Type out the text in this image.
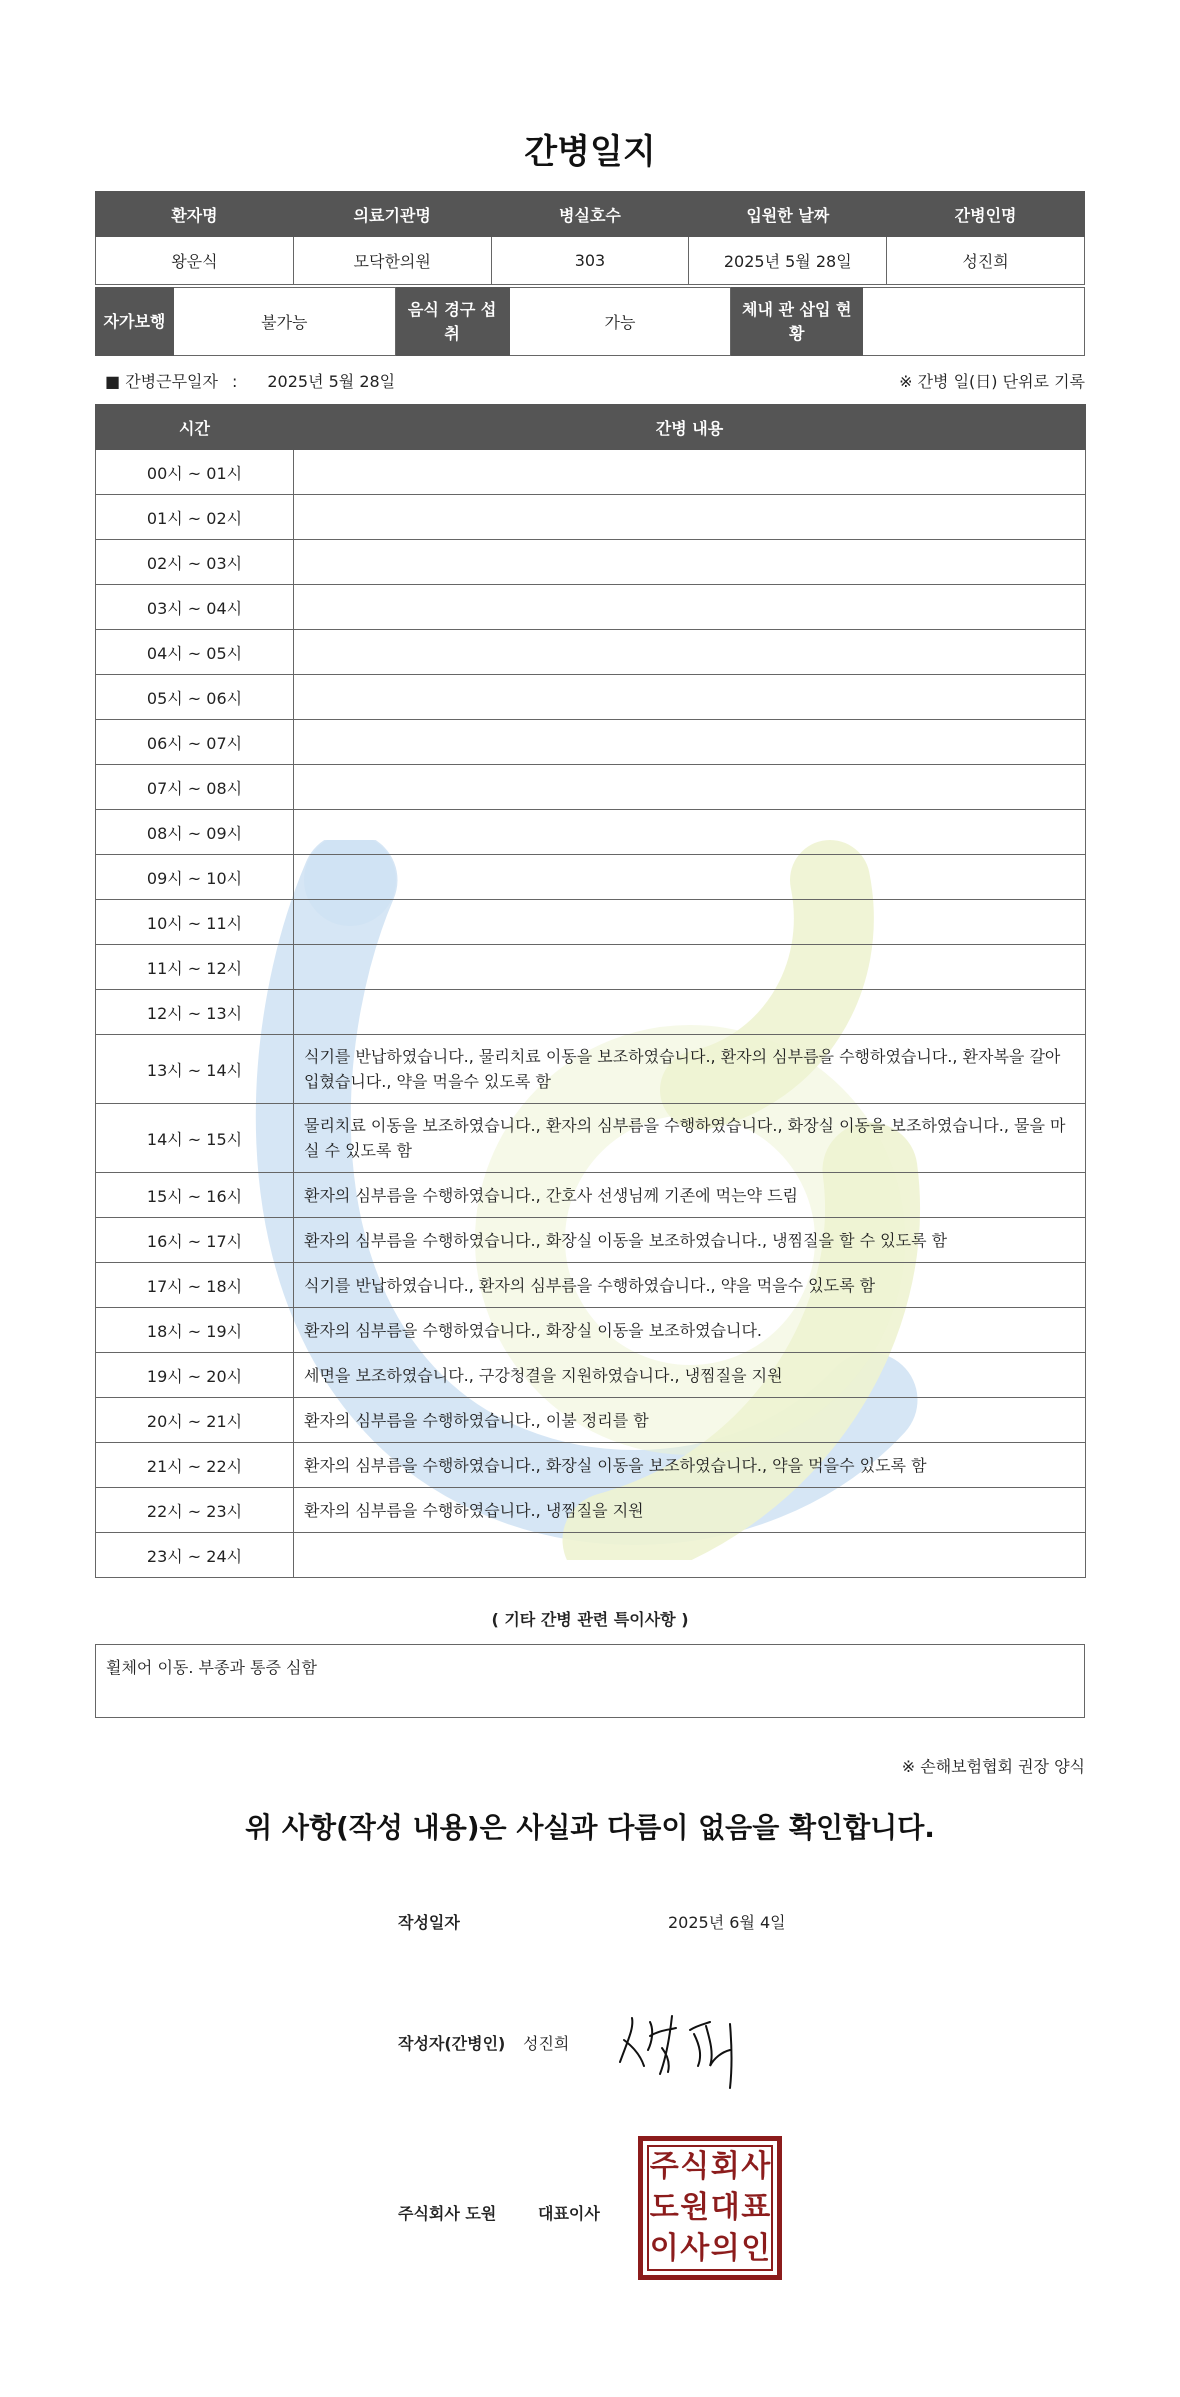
간병일지
환자명	의료기관명	병실호수	입원한 날짜	간병인명
왕운식	모닥한의원	303	2025년 5월 28일	성진희
자가보행	불가능	음식 경구 섭취	가능	체내 관 삽입 현황	
■ 간병근무일자 : 2025년 5월 28일	※ 간병 일(日) 단위로 기록
시간	간병 내용
00시 ~ 01시	
01시 ~ 02시	
02시 ~ 03시	
03시 ~ 04시	
04시 ~ 05시	
05시 ~ 06시	
06시 ~ 07시	
07시 ~ 08시	
08시 ~ 09시	
09시 ~ 10시	
10시 ~ 11시	
11시 ~ 12시	
12시 ~ 13시	
13시 ~ 14시	식기를 반납하였습니다., 물리치료 이동을 보조하였습니다., 환자의 심부름을 수행하였습니다., 환자복을 갈아입혔습니다., 약을 먹을수 있도록 함
14시 ~ 15시	물리치료 이동을 보조하였습니다., 환자의 심부름을 수행하였습니다., 화장실 이동을 보조하였습니다., 물을 마실 수 있도록 함
15시 ~ 16시	환자의 심부름을 수행하였습니다., 간호사 선생님께 기존에 먹는약 드림
16시 ~ 17시	환자의 심부름을 수행하였습니다., 화장실 이동을 보조하였습니다., 냉찜질을 할 수 있도록 함
17시 ~ 18시	식기를 반납하였습니다., 환자의 심부름을 수행하였습니다., 약을 먹을수 있도록 함
18시 ~ 19시	환자의 심부름을 수행하였습니다., 화장실 이동을 보조하였습니다.
19시 ~ 20시	세면을 보조하였습니다., 구강청결을 지원하였습니다., 냉찜질을 지원
20시 ~ 21시	환자의 심부름을 수행하였습니다., 이불 정리를 함
21시 ~ 22시	환자의 심부름을 수행하였습니다., 화장실 이동을 보조하였습니다., 약을 먹을수 있도록 함
22시 ~ 23시	환자의 심부름을 수행하였습니다., 냉찜질을 지원
23시 ~ 24시	
( 기타 간병 관련 특이사항 )
휠체어 이동. 부종과 통증 심함
※ 손해보험협회 권장 양식
위 사항(작성 내용)은 사실과 다름이 없음을 확인합니다.
작성일자	2025년 6월 4일
작성자(간병인) 성진희
주식회사 도원	대표이사
주 식 회 사
도 원 대 표
이 사 의 인
